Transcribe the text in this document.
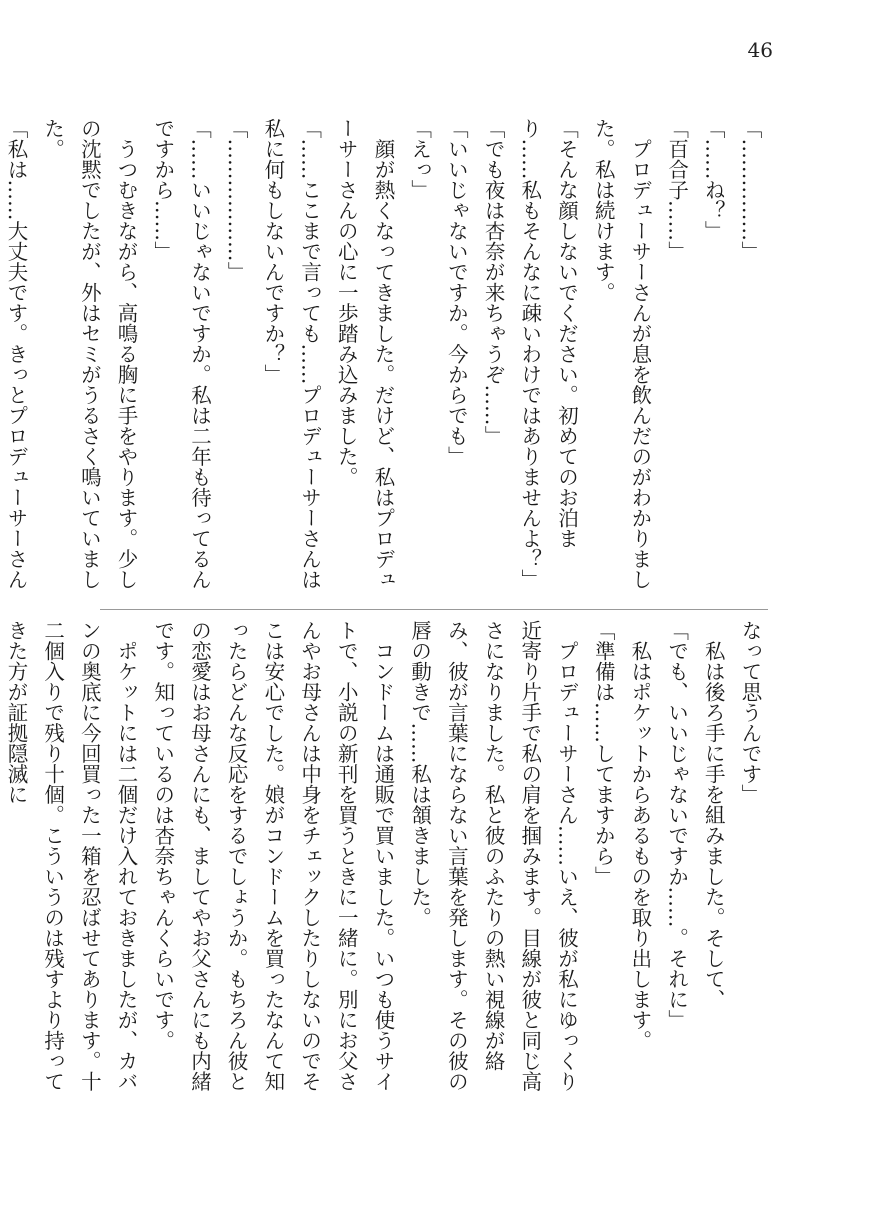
46

「……………」

「……ね？」

「百合子……」

　プロデューサーさんが息を飲んだのがわかりました。私は続けます。

「そんな顔しないでください。初めてのお泊まり……私もそんなに疎いわけではありませんよ？」

「でも夜は杏奈が来ちゃうぞ……」

「いいじゃないですか。今からでも」

「えっ」

　顔が熱くなってきました。だけど、私はプロデューサーさんの心に一歩踏み込みました。

「……ここまで言っても……プロデューサーさんは私に何もしないんですか？」

「………………」

「……いいじゃないですか。私は二年も待ってるんですから……」

　うつむきながら、高鳴る胸に手をやります。少しの沈黙でしたが、外はセミがうるさく鳴いていました。

「私は……大丈夫です。きっとプロデューサーさん

なって思うんです」

　私は後ろ手に手を組みました。そして、

「でも、いいじゃないですか……。それに」

　私はポケットからあるものを取り出します。

「準備は……してますから」

　プロデューサーさん……いえ、彼が私にゆっくり近寄り片手で私の肩を掴みます。目線が彼と同じ高さになりました。私と彼のふたりの熱い視線が絡み、彼が言葉にならない言葉を発します。その彼の唇の動きで……私は頷きました。

　コンドームは通販で買いました。いつも使うサイトで、小説の新刊を買うときに一緒に。別にお父さんやお母さんは中身をチェックしたりしないのでそこは安心でした。娘がコンドームを買ったなんて知ったらどんな反応をするでしょうか。もちろん彼との恋愛はお母さんにも、ましてやお父さんにも内緒です。知っているのは杏奈ちゃんくらいです。

　ポケットには二個だけ入れておきましたが、カバンの奥底に今回買った一箱を忍ばせてあります。十二個入りで残り十個。こういうのは残すより持ってきた方が証拠隠滅に
